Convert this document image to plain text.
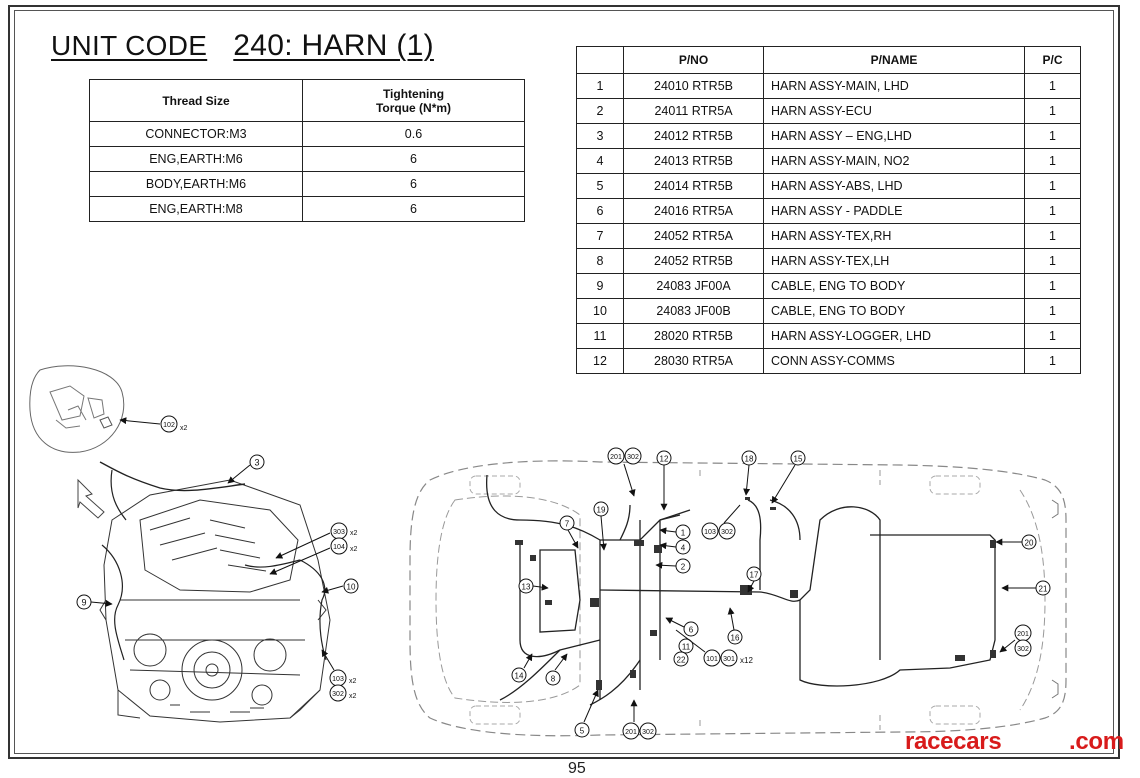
UNIT CODE 240: HARN (1)
Thread Size	Tightening
Torque (N*m)

CONNECTOR:M3	0.6
ENG,EARTH:M6	6
BODY,EARTH:M6	6
ENG,EARTH:M8	6
	P/NO	P/NAME	P/C
1	24010 RTR5B	HARN ASSY-MAIN, LHD	1
2	24011 RTR5A	HARN ASSY-ECU	1
3	24012 RTR5B	HARN ASSY – ENG,LHD	1
4	24013 RTR5B	HARN ASSY-MAIN, NO2	1
5	24014 RTR5B	HARN ASSY-ABS, LHD	1
6	24016 RTR5A	HARN ASSY - PADDLE	1
7	24052 RTR5A	HARN ASSY-TEX,RH	1
8	24052 RTR5B	HARN ASSY-TEX,LH	1
9	24083 JF00A	CABLE, ENG TO BODY	1
10	24083 JF00B	CABLE, ENG TO BODY	1
11	28020 RTR5B	HARN ASSY-LOGGER, LHD	1
12	28030 RTR5A	CONN ASSY-COMMS	1
102 x2
3
303 x2
104 x2
10
9
103 x2
302 x2
201 302	12	18	15
19
7
103 302
1
4
2
13
17
16
6
11
22	101 301 x12
14	8
5	201 302
20
21
201
302
racecars	.com
95
